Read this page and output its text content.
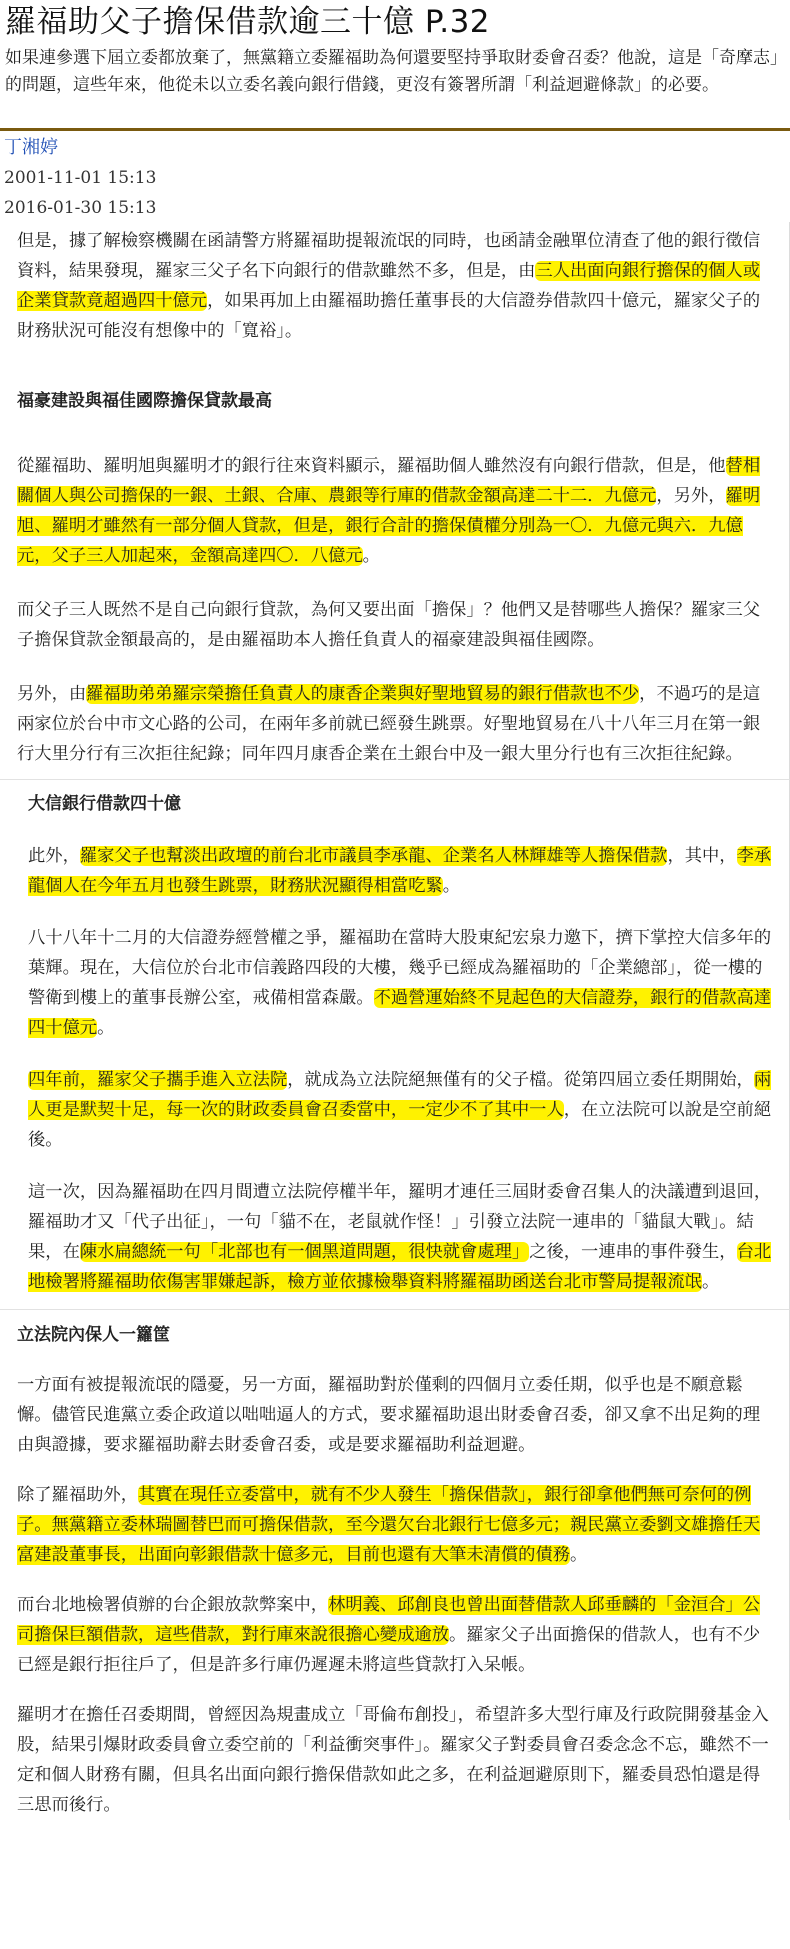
羅福助父子擔保借款逾三十億 P.32
如果連參選下屆立委都放棄了，無黨籍立委羅福助為何還要堅持爭取財委會召委？他說，這是「奇摩志」的問題，這些年來，他從未以立委名義向銀行借錢，更沒有簽署所謂「利益迴避條款」的必要。
丁湘婷
2001-11-01 15:13
2016-01-30 15:13

但是，據了解檢察機關在函請警方將羅福助提報流氓的同時，也函請金融單位清查了他的銀行徵信資料，結果發現，羅家三父子名下向銀行的借款雖然不多，但是，由三人出面向銀行擔保的個人或企業貸款竟超過四十億元，如果再加上由羅福助擔任董事長的大信證券借款四十億元，羅家父子的財務狀況可能沒有想像中的「寬裕」。

福豪建設與福佳國際擔保貸款最高

從羅福助、羅明旭與羅明才的銀行往來資料顯示，羅福助個人雖然沒有向銀行借款，但是，他替相關個人與公司擔保的一銀、土銀、合庫、農銀等行庫的借款金額高達二十二．九億元，另外，羅明旭、羅明才雖然有一部分個人貸款，但是，銀行合計的擔保債權分別為一〇．九億元與六．九億元，父子三人加起來，金額高達四〇．八億元。

而父子三人既然不是自己向銀行貸款，為何又要出面「擔保」？他們又是替哪些人擔保？羅家三父子擔保貸款金額最高的，是由羅福助本人擔任負責人的福豪建設與福佳國際。

另外，由羅福助弟弟羅宗榮擔任負責人的康香企業與好聖地貿易的銀行借款也不少，不過巧的是這兩家位於台中市文心路的公司，在兩年多前就已經發生跳票。好聖地貿易在八十八年三月在第一銀行大里分行有三次拒往紀錄；同年四月康香企業在土銀台中及一銀大里分行也有三次拒往紀錄。

大信銀行借款四十億

此外，羅家父子也幫淡出政壇的前台北市議員李承龍、企業名人林輝雄等人擔保借款，其中，李承龍個人在今年五月也發生跳票，財務狀況顯得相當吃緊。

八十八年十二月的大信證券經營權之爭，羅福助在當時大股東紀宏泉力邀下，擠下掌控大信多年的葉輝。現在，大信位於台北市信義路四段的大樓，幾乎已經成為羅福助的「企業總部」，從一樓的警衛到樓上的董事長辦公室，戒備相當森嚴。不過營運始終不見起色的大信證券，銀行的借款高達四十億元。

四年前，羅家父子攜手進入立法院，就成為立法院絕無僅有的父子檔。從第四屆立委任期開始，兩人更是默契十足，每一次的財政委員會召委當中，一定少不了其中一人，在立法院可以說是空前絕後。

這一次，因為羅福助在四月間遭立法院停權半年，羅明才連任三屆財委會召集人的決議遭到退回，羅福助才又「代子出征」，一句「貓不在，老鼠就作怪！」引發立法院一連串的「貓鼠大戰」。結果，在陳水扁總統一句「北部也有一個黑道問題，很快就會處理」之後，一連串的事件發生，台北地檢署將羅福助依傷害罪嫌起訴，檢方並依據檢舉資料將羅福助函送台北市警局提報流氓。

立法院內保人一籮筐

一方面有被提報流氓的隱憂，另一方面，羅福助對於僅剩的四個月立委任期，似乎也是不願意鬆懈。儘管民進黨立委企政道以咄咄逼人的方式，要求羅福助退出財委會召委，卻又拿不出足夠的理由與證據，要求羅福助辭去財委會召委，或是要求羅福助利益迴避。

除了羅福助外，其實在現任立委當中，就有不少人發生「擔保借款」，銀行卻拿他們無可奈何的例子。無黨籍立委林瑞圖替巴而可擔保借款，至今還欠台北銀行七億多元；親民黨立委劉文雄擔任天富建設董事長，出面向彰銀借款十億多元，目前也還有大筆未清償的債務。

而台北地檢署偵辦的台企銀放款弊案中，林明義、邱創良也曾出面替借款人邱垂麟的「金洹合」公司擔保巨額借款，這些借款，對行庫來說很擔心變成逾放。羅家父子出面擔保的借款人，也有不少已經是銀行拒往戶了，但是許多行庫仍遲遲未將這些貸款打入呆帳。

羅明才在擔任召委期間，曾經因為規畫成立「哥倫布創投」，希望許多大型行庫及行政院開發基金入股，結果引爆財政委員會立委空前的「利益衝突事件」。羅家父子對委員會召委念念不忘，雖然不一定和個人財務有關，但具名出面向銀行擔保借款如此之多，在利益迴避原則下，羅委員恐怕還是得三思而後行。
